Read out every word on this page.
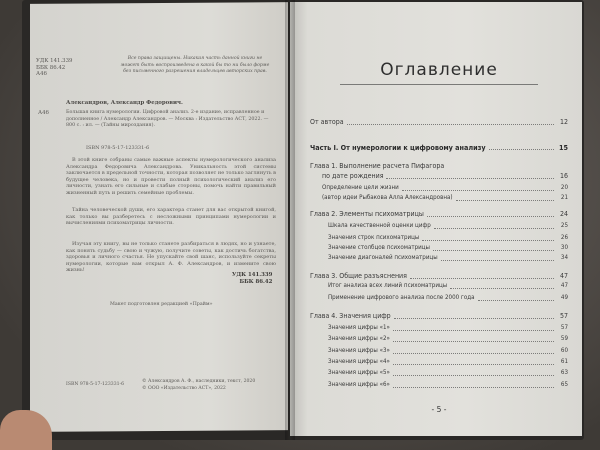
УДК 141.339
ББК 86.42
А46
Все права защищены. Никакая часть данной книги не может быть воспроизведена в какой бы то ни было форме без письменного разрешения владельцев авторских прав.
А46
Александров, Александр Федорович.
Большая книга нумерологии. Цифровой анализ. 2-е издание, исправленное и дополненное / Александр Александров. — Москва : Издательство АСТ, 2022. — 800 с. : ил. — (Тайны мироздания).
ISBN 978-5-17-123331-6
В этой книге собраны самые важные аспекты нумерологического анализа Александра Федоровича Александрова. Уникальность этой системы заключается в предельной точности, которая позволяет не только заглянуть в будущее человека, но и провести полный психологический анализ его личности, узнать его сильные и слабые стороны, помочь найти правильный жизненный путь и решить семейные проблемы.
Тайна человеческой души, его характера станет для вас открытой книгой, как только вы разберетесь с несложными принципами нумерологии и вычислениями психоматрицы личности.
Изучая эту книгу, вы не только станете разбираться в людях, но и узнаете, как понять судьбу — свою и чужую, получите советы, как достичь богатства, здоровья и личного счастья. Не упускайте свой шанс, используйте секреты нумерологии, которые вам открыл А. Ф. Александров, и измените свою жизнь!
УДК 141.339
ББК 86.42
Макет подготовлен редакцией «Прайм»
ISBN 978-5-17-123331-6
© Александров А. Ф., наследники, текст, 2020
© ООО «Издательство АСТ», 2022
Оглавление
От автора	12
Часть I. От нумерологии к цифровому анализу	15
Глава 1. Выполнение расчета Пифагора
по дате рождения	16
Определение цели жизни	20
(автор идеи Рыбакова Алла Александровна)	21
Глава 2. Элементы психоматрицы	24
Шкала качественной оценки цифр	25
Значения строк психоматрицы	26
Значение столбцов психоматрицы	30
Значение диагоналей психоматрицы	34
Глава 3. Общие разъяснения	47
Итог анализа всех линий психоматрицы	47
Применение цифрового анализа после 2000 года	49
Глава 4. Значения цифр	57
Значения цифры «1»	57
Значения цифры «2»	59
Значения цифры «3»	60
Значения цифры «4»	61
Значения цифры «5»	63
Значения цифры «6»	65
- 5 -
